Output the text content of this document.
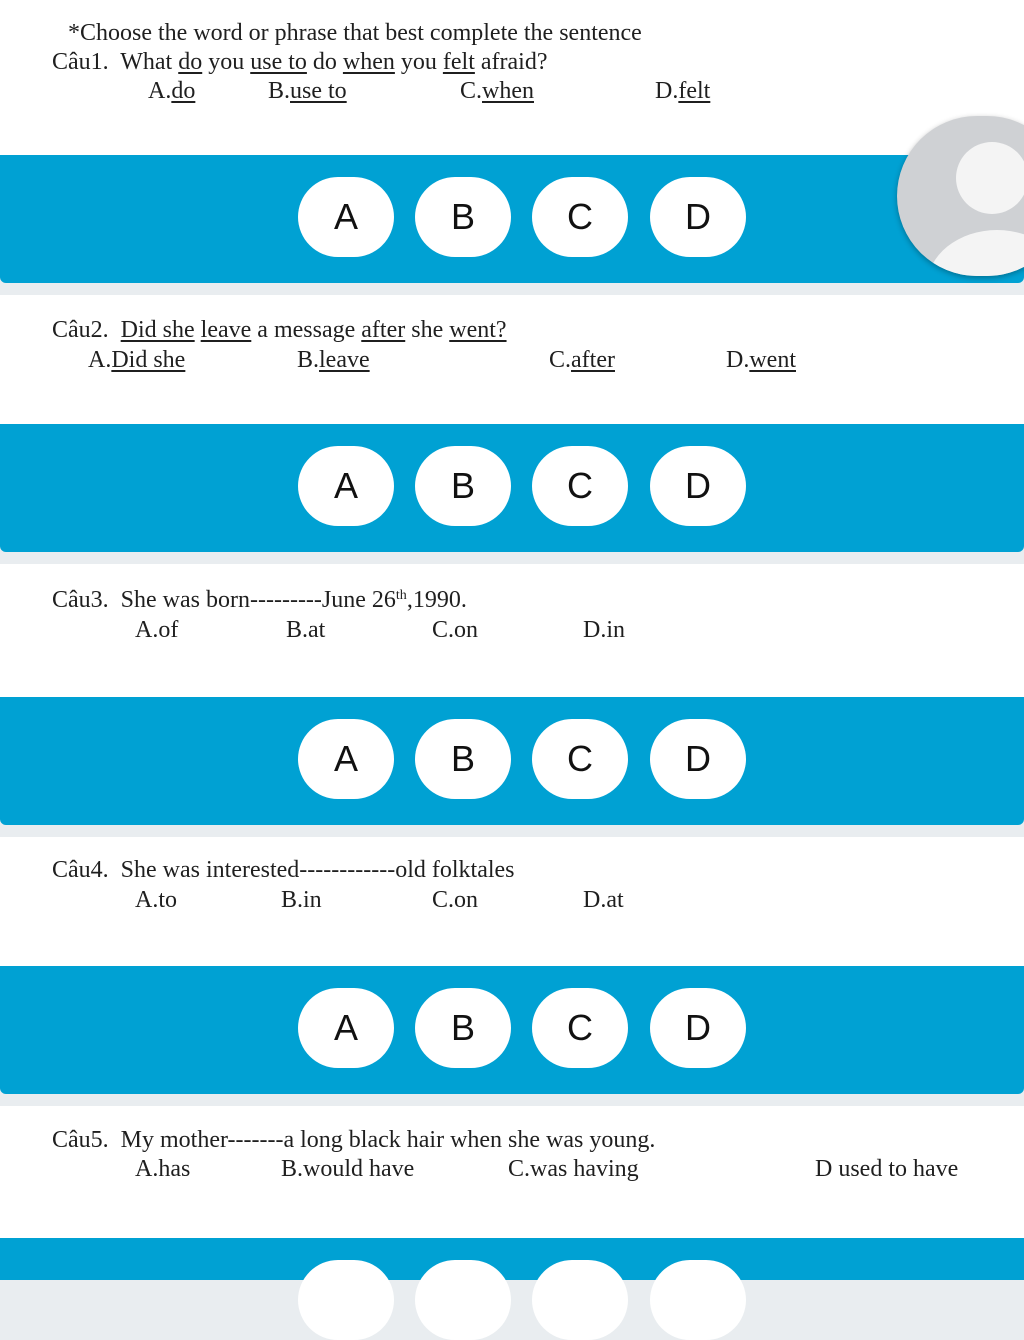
*Choose the word or phrase that best complete the sentence
Câu1. What do you use to do when you felt afraid?
A.do	B.use to	C.when	D.felt
A	B	C	D
Câu2. Did she leave a message after she went?
A.Did she	B.leave	C.after	D.went
A	B	C	D
Câu3. She was born---------June 26th,1990.
A.of	B.at	C.on	D.in
A	B	C	D
Câu4. She was interested------------old folktales
A.to	B.in	C.on	D.at
A	B	C	D
Câu5. My mother-------a long black hair when she was young.
A.has	B.would have	C.was having	D used to have
